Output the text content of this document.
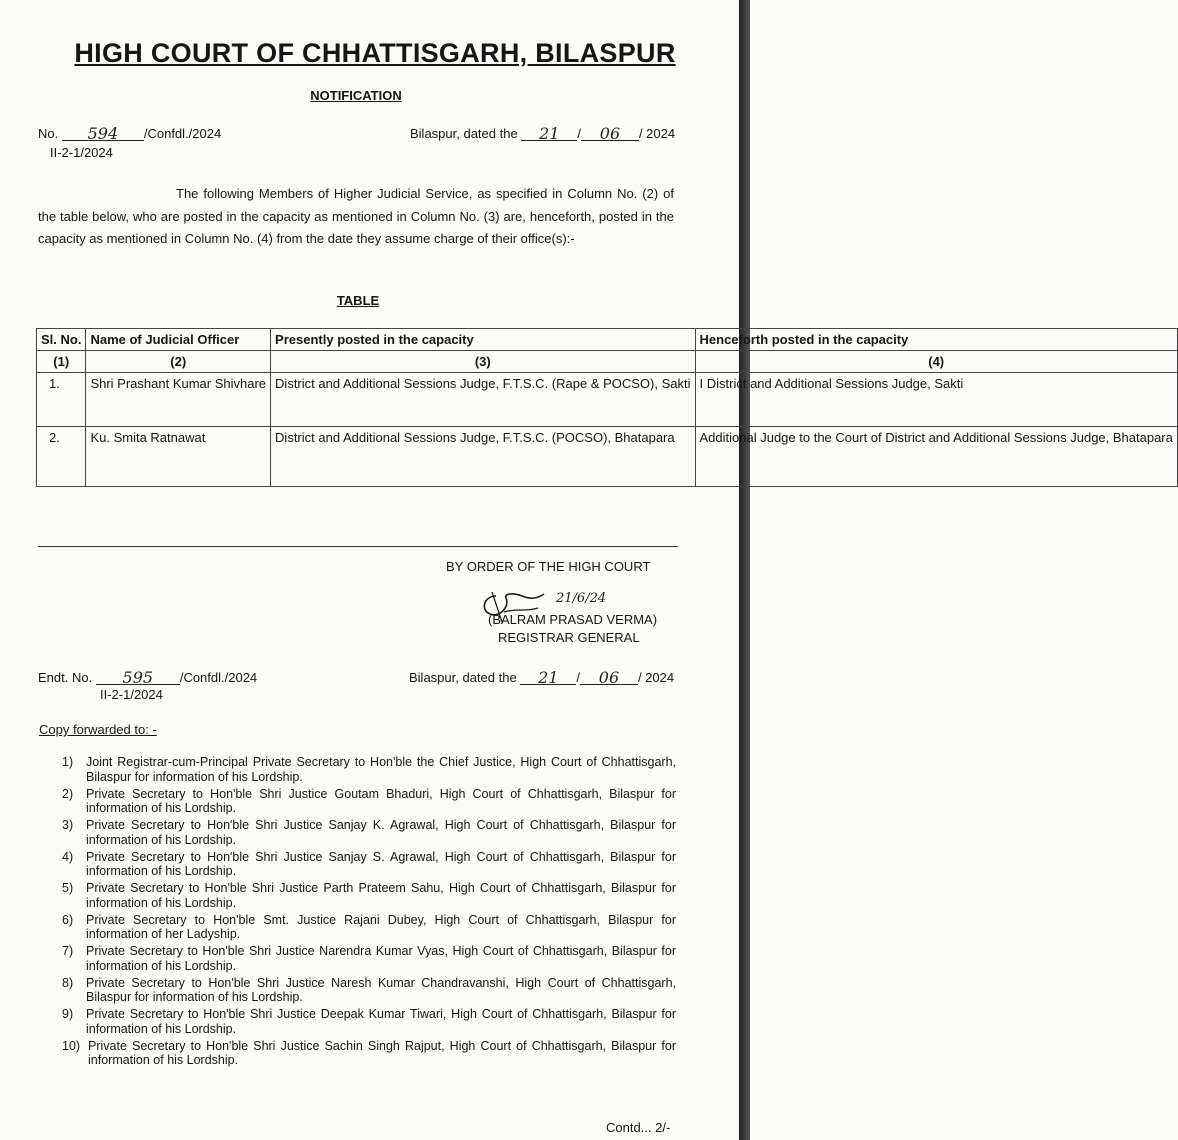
HIGH COURT OF CHHATTISGARH, BILASPUR
NOTIFICATION
No. 594 /Confdl./2024
II-2-1/2024
Bilaspur, dated the 21 / 06 / 2024
The following Members of Higher Judicial Service, as specified in Column No. (2) of the table below, who are posted in the capacity as mentioned in Column No. (3) are, henceforth, posted in the capacity as mentioned in Column No. (4) from the date they assume charge of their office(s):-
TABLE
Sl. No.	Name of Judicial Officer	Presently posted in the capacity	Henceforth posted in the capacity
(1)	(2)	(3)	(4)
1.	Shri Prashant Kumar Shivhare	District and Additional Sessions Judge, F.T.S.C. (Rape & POCSO), Sakti	I District and Additional Sessions Judge, Sakti
2.	Ku. Smita Ratnawat	District and Additional Sessions Judge, F.T.S.C. (POCSO), Bhatapara	Additional Judge to the Court of District and Additional Sessions Judge, Bhatapara
BY ORDER OF THE HIGH COURT
21/6/24
(BALRAM PRASAD VERMA)
REGISTRAR GENERAL
Endt. No. 595 /Confdl./2024
II-2-1/2024
Bilaspur, dated the 21 / 06 / 2024
Copy forwarded to: -
1) Joint Registrar-cum-Principal Private Secretary to Hon'ble the Chief Justice, High Court of Chhattisgarh, Bilaspur for information of his Lordship.
2) Private Secretary to Hon'ble Shri Justice Goutam Bhaduri, High Court of Chhattisgarh, Bilaspur for information of his Lordship.
3) Private Secretary to Hon'ble Shri Justice Sanjay K. Agrawal, High Court of Chhattisgarh, Bilaspur for information of his Lordship.
4) Private Secretary to Hon'ble Shri Justice Sanjay S. Agrawal, High Court of Chhattisgarh, Bilaspur for information of his Lordship.
5) Private Secretary to Hon'ble Shri Justice Parth Prateem Sahu, High Court of Chhattisgarh, Bilaspur for information of his Lordship.
6) Private Secretary to Hon'ble Smt. Justice Rajani Dubey, High Court of Chhattisgarh, Bilaspur for information of her Ladyship.
7) Private Secretary to Hon'ble Shri Justice Narendra Kumar Vyas, High Court of Chhattisgarh, Bilaspur for information of his Lordship.
8) Private Secretary to Hon'ble Shri Justice Naresh Kumar Chandravanshi, High Court of Chhattisgarh, Bilaspur for information of his Lordship.
9) Private Secretary to Hon'ble Shri Justice Deepak Kumar Tiwari, High Court of Chhattisgarh, Bilaspur for information of his Lordship.
10) Private Secretary to Hon'ble Shri Justice Sachin Singh Rajput, High Court of Chhattisgarh, Bilaspur for information of his Lordship.
Contd... 2/-
